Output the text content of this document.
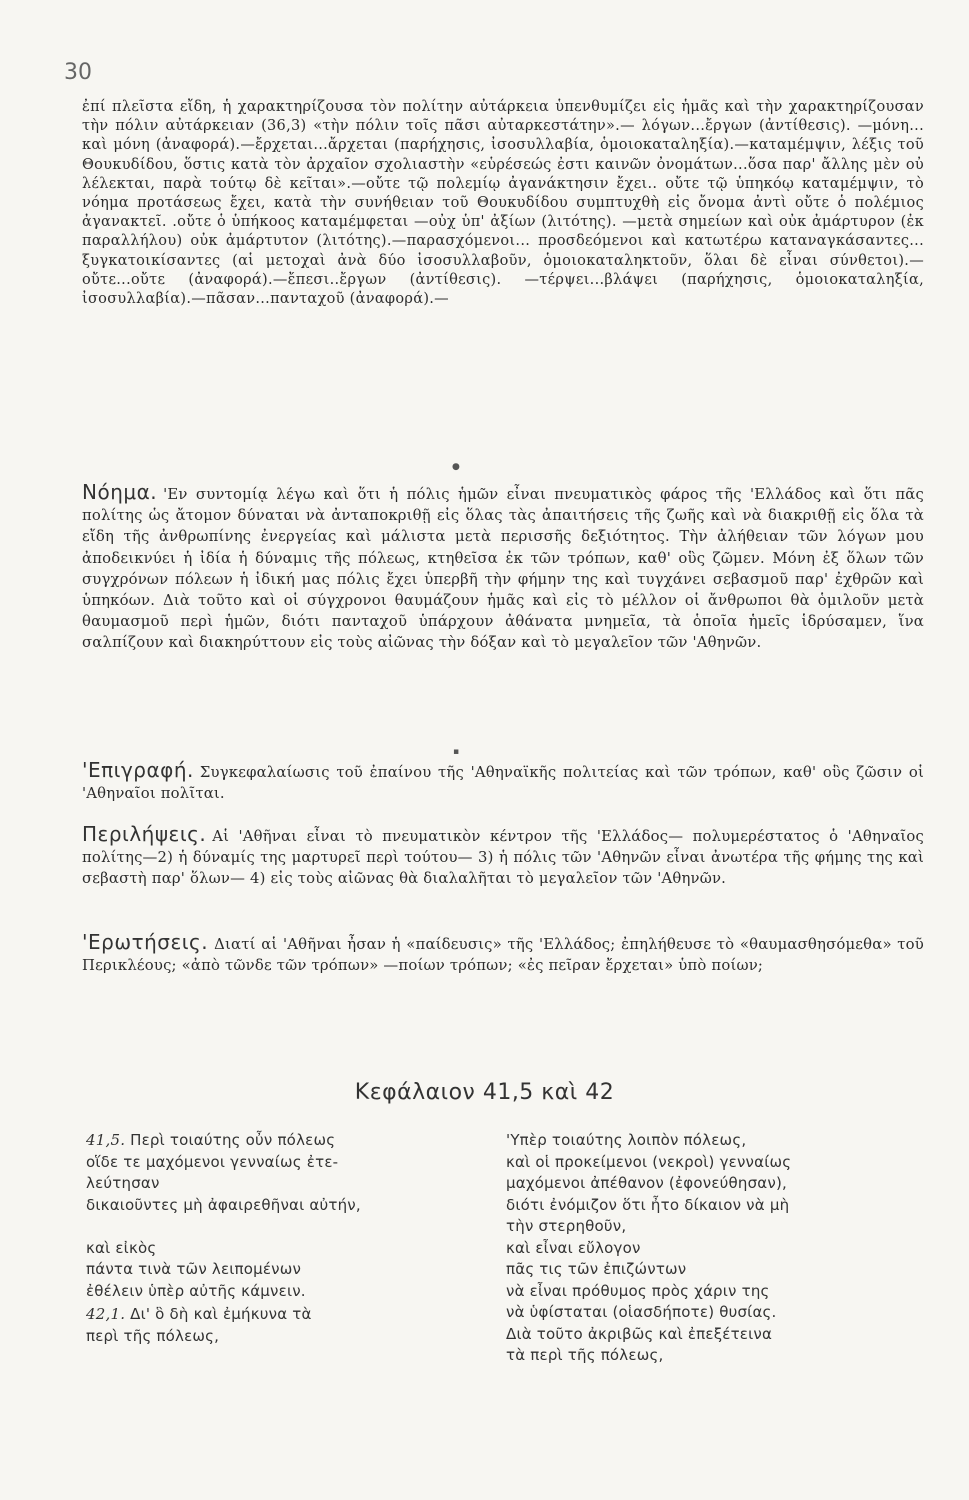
30
ἐπί πλεῖστα εἴδη, ἡ χαρακτηρίζουσα τὸν πολίτην αὐτάρκεια ὑπενθυμίζει εἰς ἡμᾶς καὶ τὴν χαρακτηρίζουσαν τὴν πόλιν αὐτάρκειαν (36,3) «τὴν πόλιν τοῖς πᾶσι αὐταρκεστάτην».— λόγων...ἔργων (ἀντίθεσις). —μόνη... καὶ μόνη (ἀναφορά).—ἔρχεται...ἄρχεται (παρήχησις, ἰσοσυλλαβία, ὁμοιοκαταληξία).—καταμέμψιν, λέξις τοῦ Θουκυδίδου, ὅστις κατὰ τὸν ἀρχαῖον σχολιαστὴν «εὑρέσεώς ἐστι καινῶν ὀνομάτων...ὅσα παρ' ἄλλης μὲν οὐ λέλεκται, παρὰ τούτῳ δὲ κεῖται».—οὔτε τῷ πολεμίῳ ἀγανάκτησιν ἔχει.. οὔτε τῷ ὑπηκόῳ καταμέμψιν, τὸ νόημα προτάσεως ἔχει, κατὰ τὴν συνήθειαν τοῦ Θουκυδίδου συμπτυχθὴ εἰς ὄνομα ἀντὶ οὔτε ὁ πολέμιος ἀγανακτεῖ. .οὔτε ὁ ὑπήκοος καταμέμφεται —οὐχ ὑπ' ἀξίων (λιτότης). —μετὰ σημείων καὶ οὐκ ἀμάρτυρον (ἐκ παραλλήλου) οὐκ ἀμάρτυτον (λιτότης).—παρασχόμενοι... προσδεόμενοι καὶ κατωτέρω καταναγκάσαντες... ξυγκατοικίσαντες (αἱ μετοχαὶ ἀνὰ δύο ἰσοσυλλαβοῦν, ὁμοιοκαταληκτοῦν, ὅλαι δὲ εἶναι σύνθετοι).—οὔτε...οὔτε (ἀναφορά).—ἔπεσι..ἔργων (ἀντίθεσις). —τέρψει...βλάψει (παρήχησις, ὁμοιοκαταληξία, ἰσοσυλλαβία).—πᾶσαν...πανταχοῦ (ἀναφορά).—
●
Νόημα. 'Εν συντομίᾳ λέγω καὶ ὅτι ἡ πόλις ἡμῶν εἶναι πνευματικὸς φάρος τῆς 'Ελλάδος καὶ ὅτι πᾶς πολίτης ὡς ἄτομον δύναται νὰ ἀνταποκριθῇ εἰς ὅλας τὰς ἀπαιτήσεις τῆς ζωῆς καὶ νὰ διακριθῇ εἰς ὅλα τὰ εἴδη τῆς ἀνθρωπίνης ἐνεργείας καὶ μάλιστα μετὰ περισσῆς δεξιότητος. Τὴν ἀλήθειαν τῶν λόγων μου ἀποδεικνύει ἡ ἰδία ἡ δύναμις τῆς πόλεως, κτηθεῖσα ἐκ τῶν τρόπων, καθ' οὓς ζῶμεν. Μόνη ἐξ ὅλων τῶν συγχρόνων πόλεων ἡ ἰδική μας πόλις ἔχει ὑπερβῆ τὴν φήμην της καὶ τυγχάνει σεβασμοῦ παρ' ἐχθρῶν καὶ ὑπηκόων. Διὰ τοῦτο καὶ οἱ σύγχρονοι θαυμάζουν ἡμᾶς καὶ εἰς τὸ μέλλον οἱ ἄνθρωποι θὰ ὁμιλοῦν μετὰ θαυμασμοῦ περὶ ἡμῶν, διότι πανταχοῦ ὑπάρχουν ἀθάνατα μνημεῖα, τὰ ὁποῖα ἡμεῖς ἱδρύσαμεν, ἵνα σαλπίζουν καὶ διακηρύττουν εἰς τοὺς αἰῶνας τὴν δόξαν καὶ τὸ μεγαλεῖον τῶν 'Αθηνῶν.
▪
'Επιγραφή. Συγκεφαλαίωσις τοῦ ἐπαίνου τῆς 'Αθηναϊκῆς πολιτείας καὶ τῶν τρόπων, καθ' οὓς ζῶσιν οἱ 'Αθηναῖοι πολῖται.
Περιλήψεις. Αἱ 'Αθῆναι εἶναι τὸ πνευματικὸν κέντρον τῆς 'Ελλάδος— πολυμερέστατος ὁ 'Αθηναῖος πολίτης—2) ἡ δύναμίς της μαρτυρεῖ περὶ τούτου— 3) ἡ πόλις τῶν 'Αθηνῶν εἶναι ἀνωτέρα τῆς φήμης της καὶ σεβαστὴ παρ' ὅλων— 4) εἰς τοὺς αἰῶνας θὰ διαλαλῆται τὸ μεγαλεῖον τῶν 'Αθηνῶν.
'Ερωτήσεις. Διατί αἱ 'Αθῆναι ἦσαν ἡ «παίδευσις» τῆς 'Ελλάδος; ἐπηλήθευσε τὸ «θαυμασθησόμεθα» τοῦ Περικλέους; «ἀπὸ τῶνδε τῶν τρόπων» —ποίων τρόπων; «ἐς πεῖραν ἔρχεται» ὑπὸ ποίων;
Κεφάλαιον 41,5 καὶ 42
41,5. Περὶ τοιαύτης οὖν πόλεως
οἵδε τε μαχόμενοι γενναίως ἐτε-
λεύτησαν
δικαιοῦντες μὴ ἀφαιρεθῆναι αὐτήν,
καὶ εἰκὸς
πάντα τινὰ τῶν λειπομένων
ἐθέλειν ὑπὲρ αὐτῆς κάμνειν.
42,1. Δι' ὃ δὴ καὶ ἐμήκυνα τὰ
περὶ τῆς πόλεως,
'Υπὲρ τοιαύτης λοιπὸν πόλεως,
καὶ οἱ προκείμενοι (νεκροὶ) γενναίως
μαχόμενοι ἀπέθανον (ἐφονεύθησαν),
διότι ἐνόμιζον ὅτι ἦτο δίκαιον νὰ μὴ
τὴν στερηθοῦν,
καὶ εἶναι εὔλογον
πᾶς τις τῶν ἐπιζώντων
νὰ εἶναι πρόθυμος πρὸς χάριν της
νὰ ὑφίσταται (οἱασδήποτε) θυσίας.
Διὰ τοῦτο ἀκριβῶς καὶ ἐπεξέτεινα
τὰ περὶ τῆς πόλεως,
